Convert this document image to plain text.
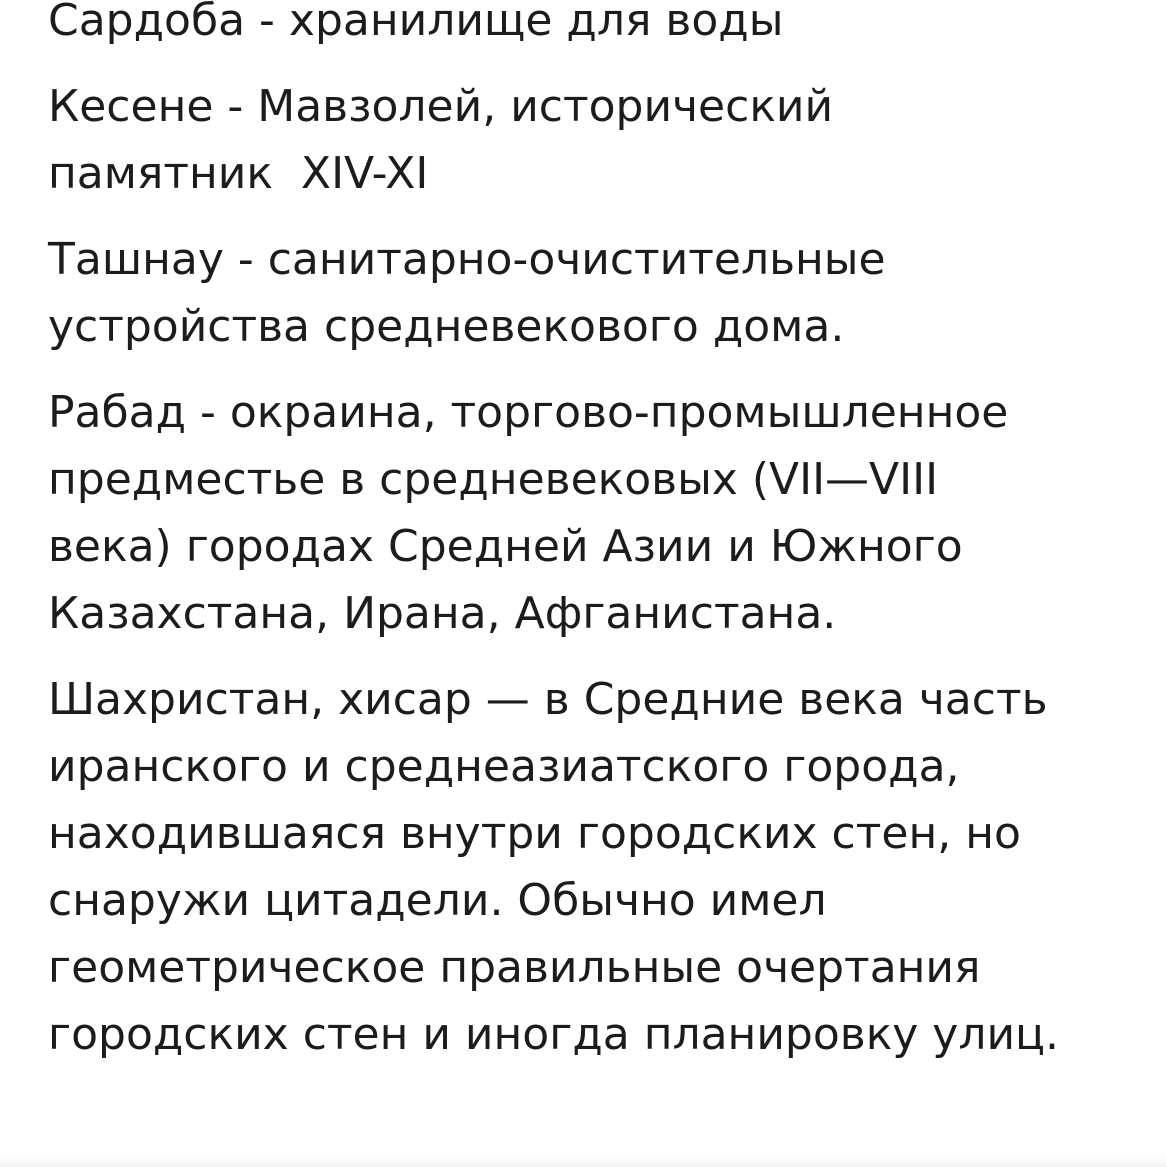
Сардоба - хранилище для воды

Кесене - Мавзолей, исторический
памятник  XIV-XI

Ташнау - санитарно-очистительные
устройства средневекового дома.

Рабад - окраина, торгово-промышленное
предместье в средневековых (VII—VIII
века) городах Средней Азии и Южного
Казахстана, Ирана, Афганистана.

Шахристан, хисар — в Средние века часть
иранского и среднеазиатского города,
находившаяся внутри городских стен, но
снаружи цитадели. Обычно имел
геометрическое правильные очертания
городских стен и иногда планировку улиц.
